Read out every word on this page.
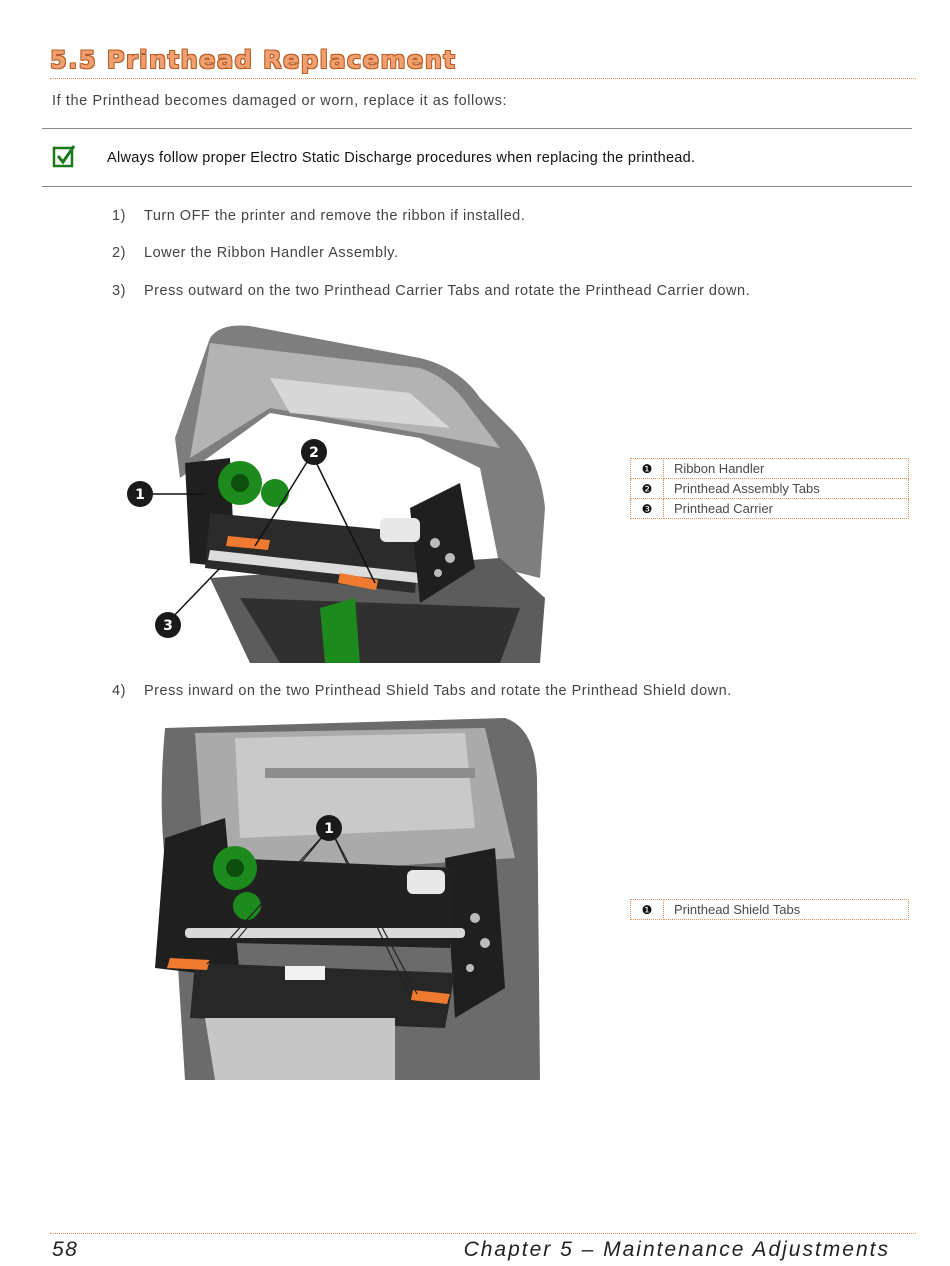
5.5 Printhead Replacement
If the Printhead becomes damaged or worn, replace it as follows:
Always follow proper Electro Static Discharge procedures when replacing the printhead.
1) Turn OFF the printer and remove the ribbon if installed.
2) Lower the Ribbon Handler Assembly.
3) Press outward on the two Printhead Carrier Tabs and rotate the Printhead Carrier down.
1
2
3
❶	Ribbon Handler
❷	Printhead Assembly Tabs
❸	Printhead Carrier
4) Press inward on the two Printhead Shield Tabs and rotate the Printhead Shield down.
1
❶	Printhead Shield Tabs
58	Chapter 5 – Maintenance Adjustments
